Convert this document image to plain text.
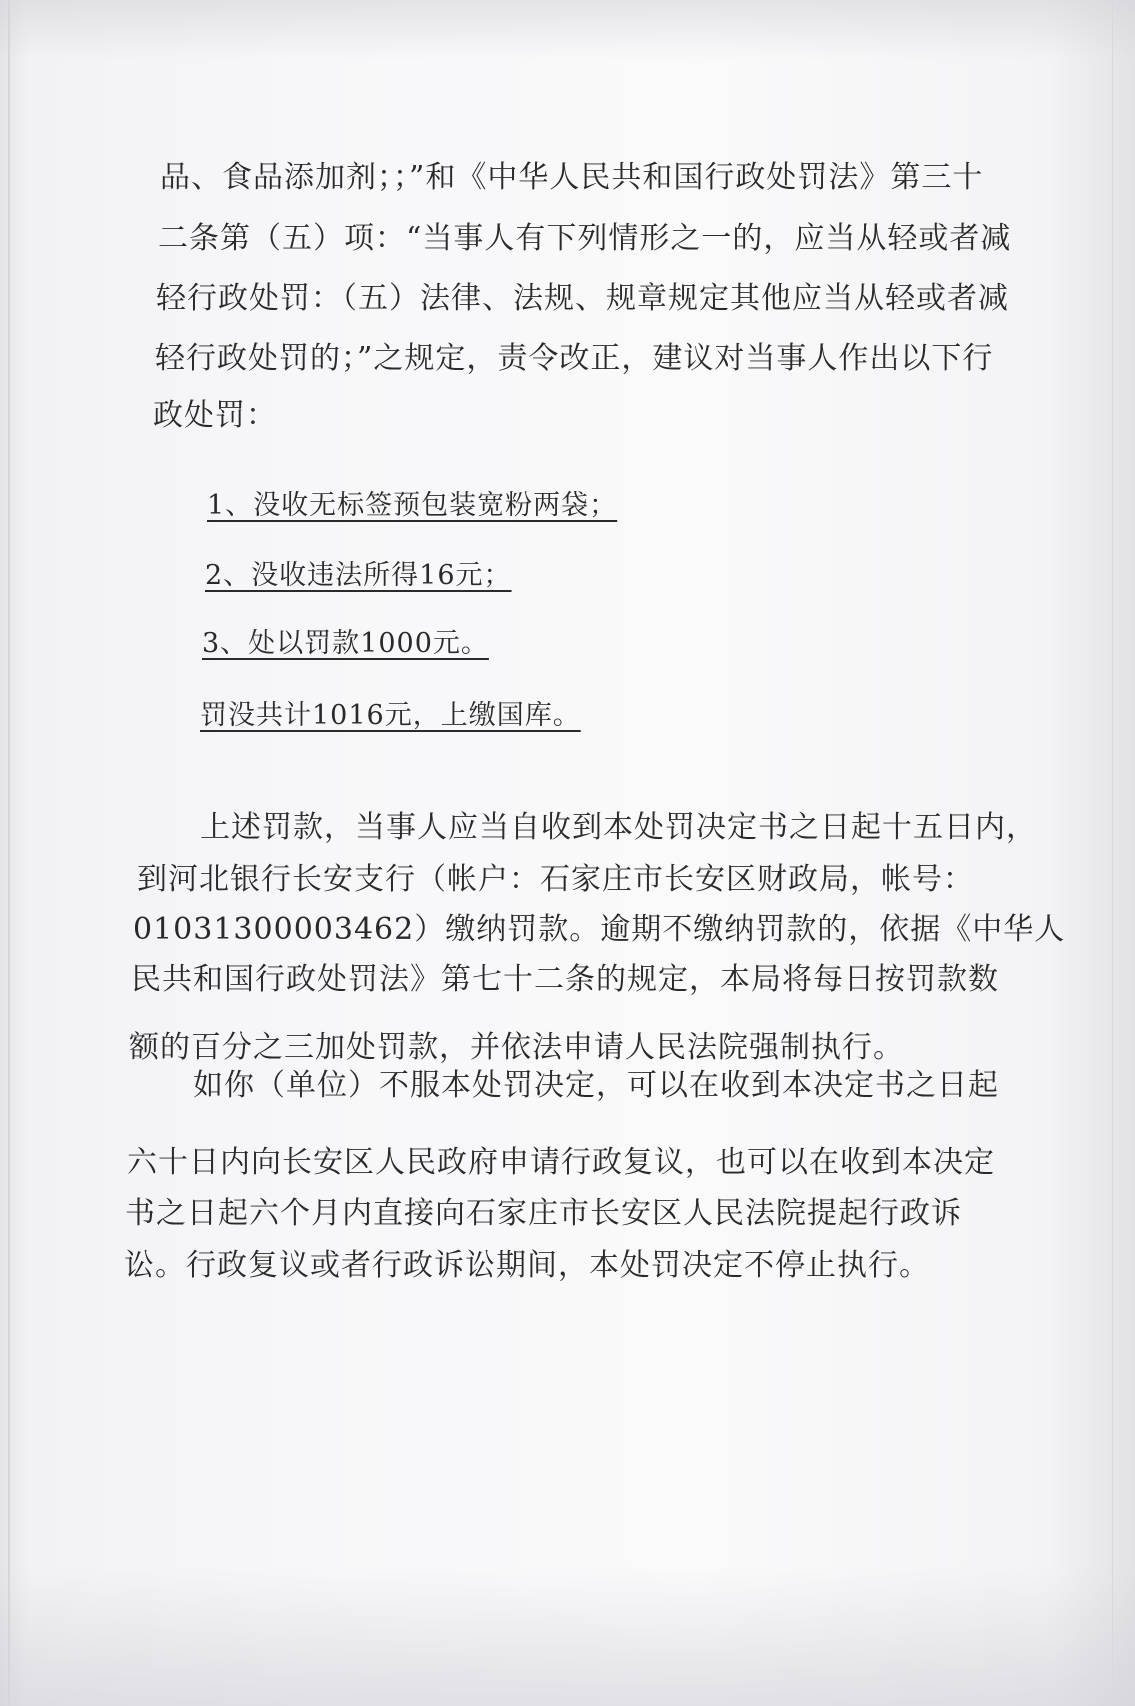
品、食品添加剂；；”和《中华人民共和国行政处罚法》第三十
二条第（五）项：“当事人有下列情形之一的，应当从轻或者减
轻行政处罚：（五）法律、法规、规章规定其他应当从轻或者减
轻行政处罚的；”之规定，责令改正，建议对当事人作出以下行
政处罚：
1、没收无标签预包装宽粉两袋；
2、没收违法所得16元；
3、处以罚款1000元。
罚没共计1016元，上缴国库。
上述罚款，当事人应当自收到本处罚决定书之日起十五日内，
到河北银行长安支行（帐户：石家庄市长安区财政局，帐号：
01031300003462）缴纳罚款。逾期不缴纳罚款的，依据《中华人
民共和国行政处罚法》第七十二条的规定，本局将每日按罚款数
额的百分之三加处罚款，并依法申请人民法院强制执行。
如你（单位）不服本处罚决定，可以在收到本决定书之日起
六十日内向长安区人民政府申请行政复议，也可以在收到本决定
书之日起六个月内直接向石家庄市长安区人民法院提起行政诉
讼。行政复议或者行政诉讼期间，本处罚决定不停止执行。
